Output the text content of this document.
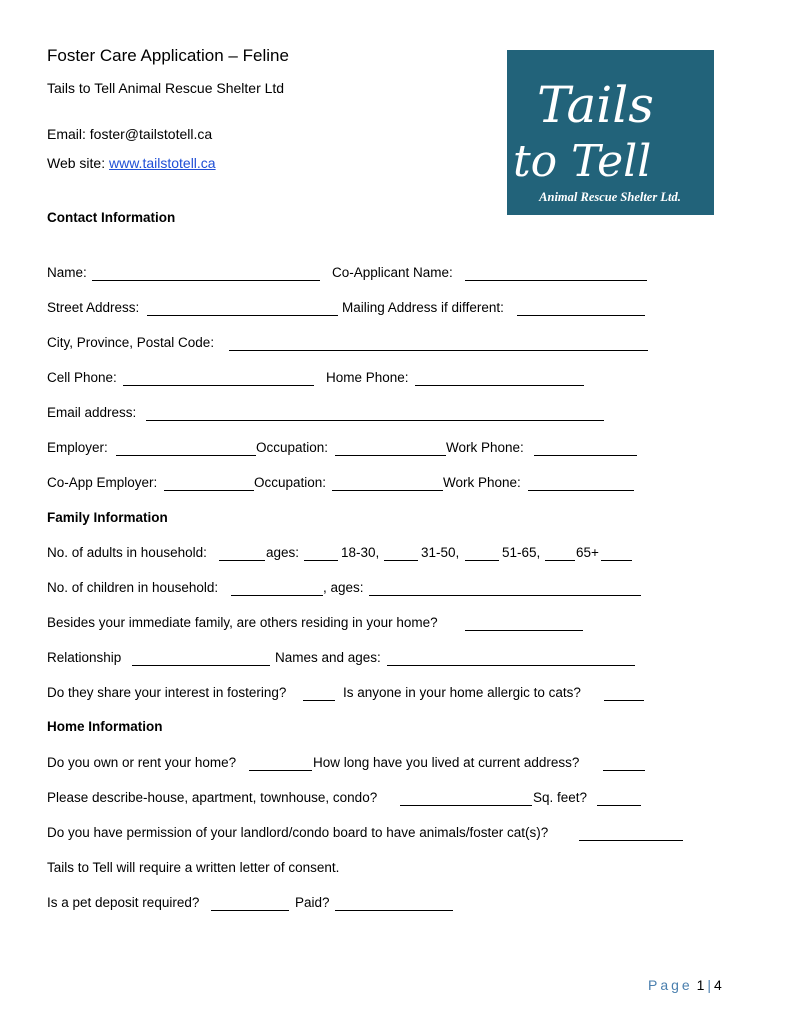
Foster Care Application – Feline
Tails to Tell Animal Rescue Shelter Ltd
Email: foster@tailstotell.ca
Web site: www.tailstotell.ca
Tails
to Tell
Animal Rescue Shelter Ltd.
Contact Information
Name:	Co-Applicant Name:
Street Address:	Mailing Address if different:
City, Province, Postal Code:
Cell Phone:	Home Phone:
Email address:
Employer:	Occupation:	Work Phone:
Co-App Employer:	Occupation:	Work Phone:
Family Information
No. of adults in household:	ages:	18-30,	31-50,	51-65,	65+
No. of children in household:	, ages:
Besides your immediate family, are others residing in your home?
Relationship	Names and ages:
Do they share your interest in fostering?	Is anyone in your home allergic to cats?
Home Information
Do you own or rent your home?	How long have you lived at current address?
Please describe-house, apartment, townhouse, condo?	Sq. feet?
Do you have permission of your landlord/condo board to have animals/foster cat(s)?
Tails to Tell will require a written letter of consent.
Is a pet deposit required?	Paid?
Page 1 | 4
